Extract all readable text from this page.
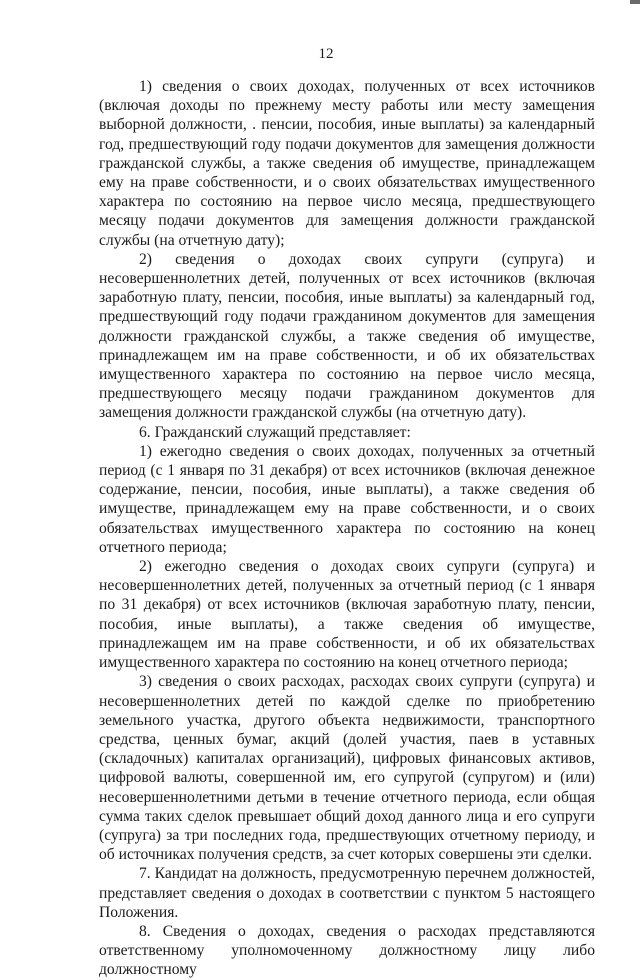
12

1) сведения о своих доходах, полученных от всех источников (включая доходы по прежнему месту работы или месту замещения выборной должности, . пенсии, пособия, иные выплаты) за календарный год, предшествующий году подачи документов для замещения должности гражданской службы, а также сведения об имуществе, принадлежащем ему на праве собственности, и о своих обязательствах имущественного характера по состоянию на первое число месяца, предшествующего месяцу подачи документов для замещения должности гражданской службы (на отчетную дату);

2) сведения о доходах своих супруги (супруга) и несовершеннолетних детей, полученных от всех источников (включая заработную плату, пенсии, пособия, иные выплаты) за календарный год, предшествующий году подачи гражданином документов для замещения должности гражданской службы, а также сведения об имуществе, принадлежащем им на праве собственности, и об их обязательствах имущественного характера по состоянию на первое число месяца, предшествующего месяцу подачи гражданином документов для замещения должности гражданской службы (на отчетную дату).

6. Гражданский служащий представляет:

1) ежегодно сведения о своих доходах, полученных за отчетный период (с 1 января по 31 декабря) от всех источников (включая денежное содержание, пенсии, пособия, иные выплаты), а также сведения об имуществе, принадлежащем ему на праве собственности, и о своих обязательствах имущественного характера по состоянию на конец отчетного периода;

2) ежегодно сведения о доходах своих супруги (супруга) и несовершеннолетних детей, полученных за отчетный период (с 1 января по 31 декабря) от всех источников (включая заработную плату, пенсии, пособия, иные выплаты), а также сведения об имуществе, принадлежащем им на праве собственности, и об их обязательствах имущественного характера по состоянию на конец отчетного периода;

3) сведения о своих расходах, расходах своих супруги (супруга) и несовершеннолетних детей по каждой сделке по приобретению земельного участка, другого объекта недвижимости, транспортного средства, ценных бумаг, акций (долей участия, паев в уставных (складочных) капиталах организаций), цифровых финансовых активов, цифровой валюты, совершенной им, его супругой (супругом) и (или) несовершеннолетними детьми в течение отчетного периода, если общая сумма таких сделок превышает общий доход данного лица и его супруги (супруга) за три последних года, предшествующих отчетному периоду, и об источниках получения средств, за счет которых совершены эти сделки.

7. Кандидат на должность, предусмотренную перечнем должностей, представляет сведения о доходах в соответствии с пунктом 5 настоящего Положения.

8. Сведения о доходах, сведения о расходах представляются ответственному уполномоченному должностному лицу либо должностному
